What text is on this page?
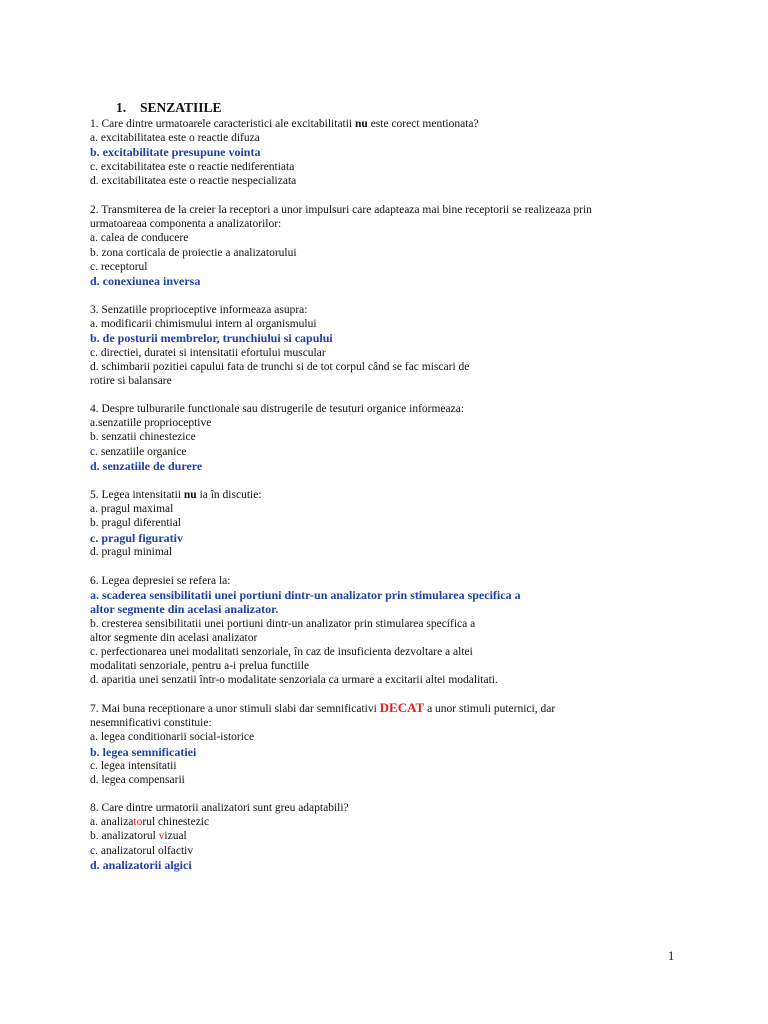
1. SENZATIILE
1. Care dintre urmatoarele caracteristici ale excitabilitatii nu este corect mentionata?
a. excitabilitatea este o reactie difuza
b. excitabilitate presupune vointa
c. excitabilitatea este o reactie nediferentiata
d. excitabilitatea este o reactie nespecializata
2. Transmiterea de la creier la receptori a unor impulsuri care adapteaza mai bine receptorii se realizeaza prin
urmatoareaa componenta a analizatorilor:
a. calea de conducere
b. zona corticala de proiectie a analizatorului
c. receptorul
d. conexiunea inversa
3. Senzatiile proprioceptive informeaza asupra:
a. modificarii chimismului intern al organismului
b. de posturii membrelor, trunchiului si capului
c. directiei, duratei si intensitatii efortului muscular
d. schimbarii pozitiei capului fata de trunchi si de tot corpul când se fac miscari de
rotire si balansare
4. Despre tulburarile functionale sau distrugerile de tesuturi organice informeaza:
a.senzatiile proprioceptive
b. senzatii chinestezice
c. senzatiile organice
d. senzatiile de durere
5. Legea intensitatii nu ia în discutie:
a. pragul maximal
b. pragul diferential
c. pragul figurativ
d. pragul minimal
6. Legea depresiei se refera la:
a. scaderea sensibilitatii unei portiuni dintr-un analizator prin stimularea specifica a
altor segmente din acelasi analizator.
b. cresterea sensibilitatii unei portiuni dintr-un analizator prin stimularea specifica a
altor segmente din acelasi analizator
c. perfectionarea unei modalitati senzoriale, în caz de insuficienta dezvoltare a altei
modalitati senzoriale, pentru a-i prelua functiile
d. aparitia unei senzatii într-o modalitate senzoriala ca urmare a excitarii altei modalitati.
7. Mai buna receptionare a unor stimuli slabi dar semnificativi DECAT a unor stimuli puternici, dar
nesemnificativi constituie:
a. legea conditionarii social-istorice
b. legea semnificatiei
c. legea intensitatii
d. legea compensarii
8. Care dintre urmatorii analizatori sunt greu adaptabili?
a. analizatorul chinestezic
b. analizatorul vizual
c. analizatorul olfactiv
d. analizatorii algici
1
